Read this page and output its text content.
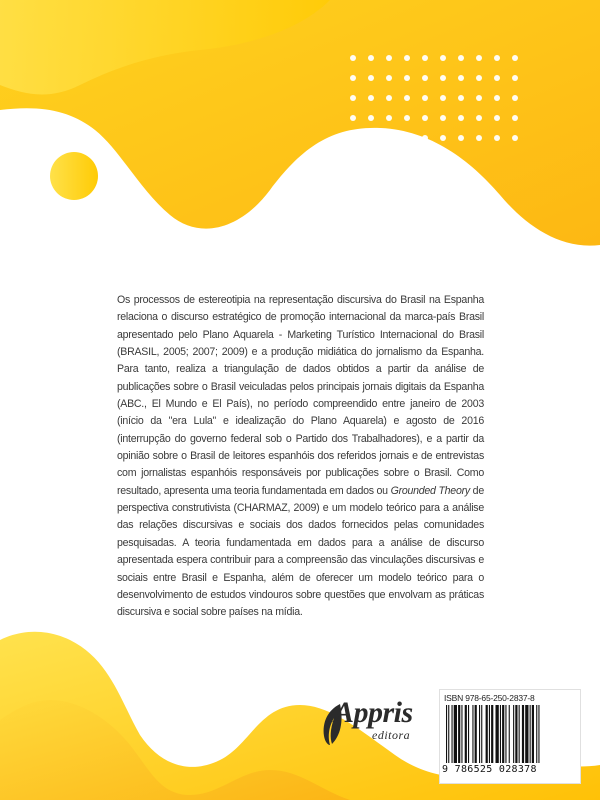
Os processos de estereotipia na representação discursiva do Brasil na Espanha relaciona o discurso estratégico de promoção internacional da marca-país Brasil apresentado pelo Plano Aquarela - Marketing Turístico Internacional do Brasil (BRASIL, 2005; 2007; 2009) e a produção midiática do jornalismo da Espanha. Para tanto, realiza a triangulação de dados obtidos a partir da análise de publicações sobre o Brasil veiculadas pelos principais jornais digitais da Espanha (ABC., El Mundo e El País), no período compreendido entre janeiro de 2003 (início da "era Lula" e idealização do Plano Aquarela) e agosto de 2016 (interrupção do governo federal sob o Partido dos Trabalhadores), e a partir da opinião sobre o Brasil de leitores espanhóis dos referidos jornais e de entrevistas com jornalistas espanhóis responsáveis por publicações sobre o Brasil. Como resultado, apresenta uma teoria fundamentada em dados ou Grounded Theory de perspectiva construtivista (CHARMAZ, 2009) e um modelo teórico para a análise das relações discursivas e sociais dos dados fornecidos pelas comunidades pesquisadas. A teoria fundamentada em dados para a análise de discurso apresentada espera contribuir para a compreensão das vinculações discursivas e sociais entre Brasil e Espanha, além de oferecer um modelo teórico para o desenvolvimento de estudos vindouros sobre questões que envolvam as práticas discursiva e social sobre países na mídia.

Appris
editora
ISBN 978-65-250-2837-8
9 786525 028378
